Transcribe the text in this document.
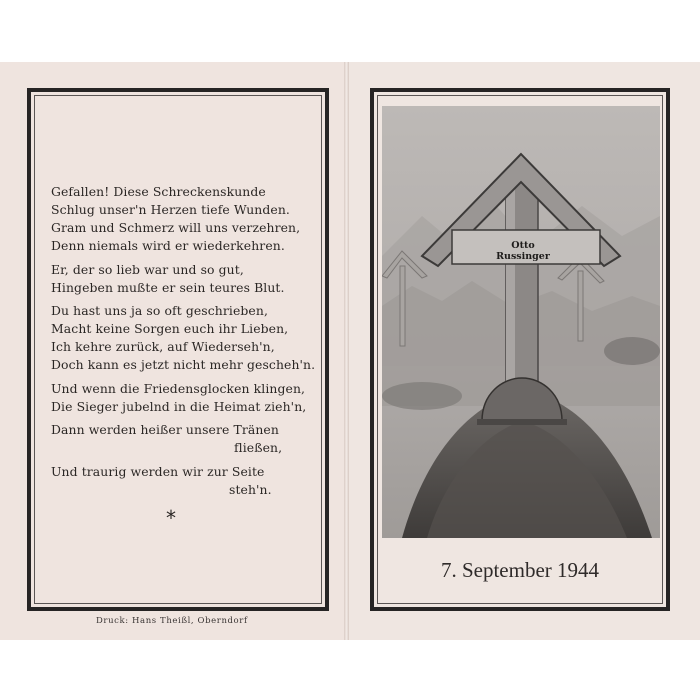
Gefallen! Diese Schreckenskunde
Schlug unser'n Herzen tiefe Wunden.
Gram und Schmerz will uns verzehren,
Denn niemals wird er wiederkehren.
Er, der so lieb war und so gut,
Hingeben mußte er sein teures Blut.
Du hast uns ja so oft geschrieben,
Macht keine Sorgen euch ihr Lieben,
Ich kehre zurück, auf Wiederseh'n,
Doch kann es jetzt nicht mehr gescheh'n.
Und wenn die Friedensglocken klingen,
Die Sieger jubelnd in die Heimat zieh'n,
Dann werden heißer unsere Tränen
fließen,
Und traurig werden wir zur Seite
steh'n.
*
Druck: Hans Theißl, Oberndorf
Otto Russinger
7. September 1944
